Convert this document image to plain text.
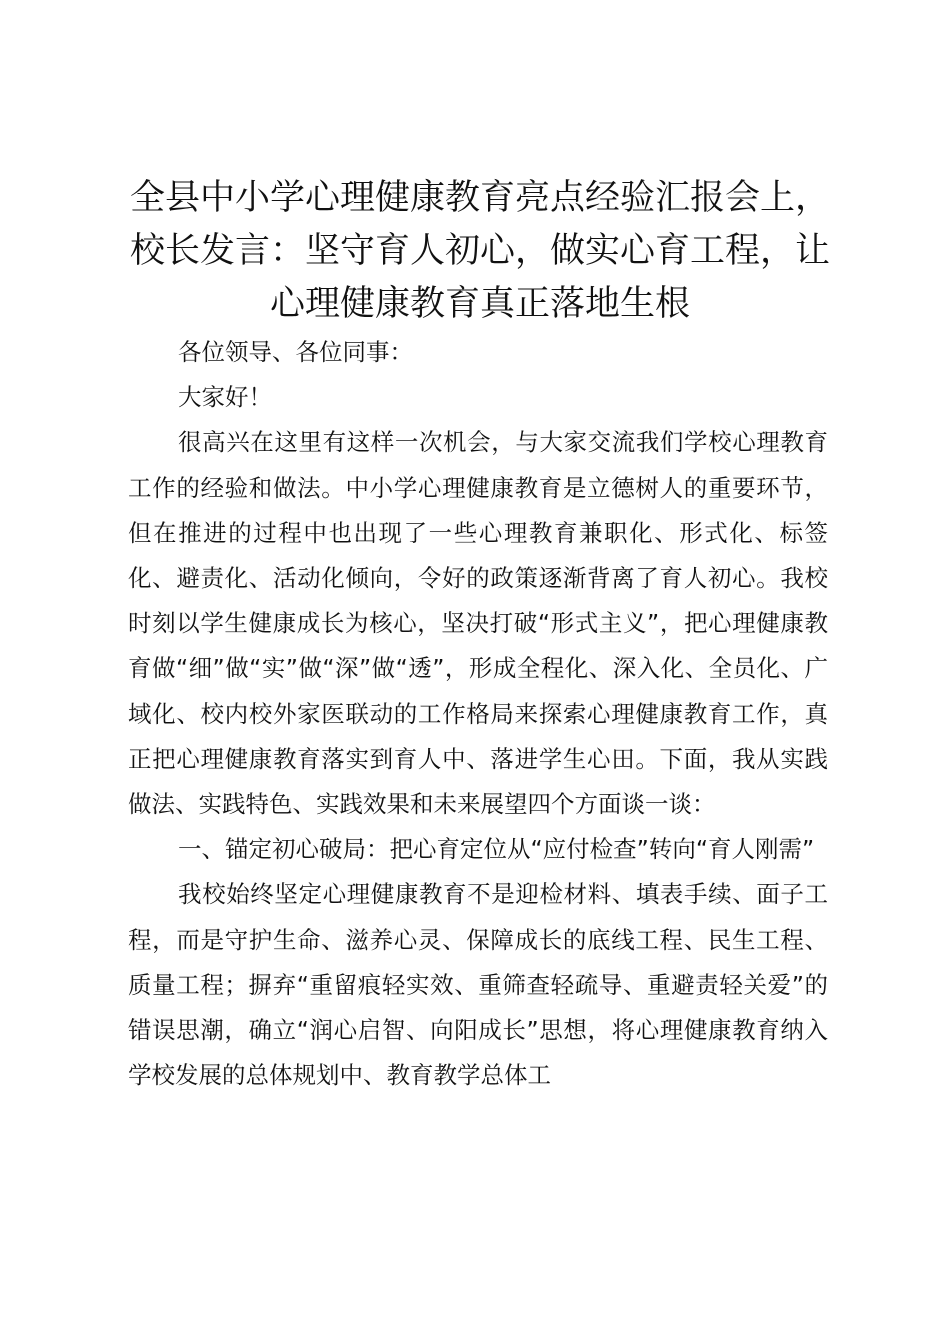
全县中小学心理健康教育亮点经验汇报会上，
校长发言：坚守育人初心，做实心育工程，让
心理健康教育真正落地生根

各位领导、各位同事：

大家好！

很高兴在这里有这样一次机会，与大家交流我们学校心理教育工作的经验和做法。中小学心理健康教育是立德树人的重要环节，但在推进的过程中也出现了一些心理教育兼职化、形式化、标签化、避责化、活动化倾向，令好的政策逐渐背离了育人初心。我校时刻以学生健康成长为核心，坚决打破“形式主义”，把心理健康教育做“细”做“实”做“深”做“透”，形成全程化、深入化、全员化、广域化、校内校外家医联动的工作格局来探索心理健康教育工作，真正把心理健康教育落实到育人中、落进学生心田。下面，我从实践做法、实践特色、实践效果和未来展望四个方面谈一谈：

一、锚定初心破局：把心育定位从“应付检查”转向“育人刚需”

我校始终坚定心理健康教育不是迎检材料、填表手续、面子工程，而是守护生命、滋养心灵、保障成长的底线工程、民生工程、质量工程；摒弃“重留痕轻实效、重筛查轻疏导、重避责轻关爱”的错误思潮，确立“润心启智、向阳成长”思想，将心理健康教育纳入学校发展的总体规划中、教育教学总体工
